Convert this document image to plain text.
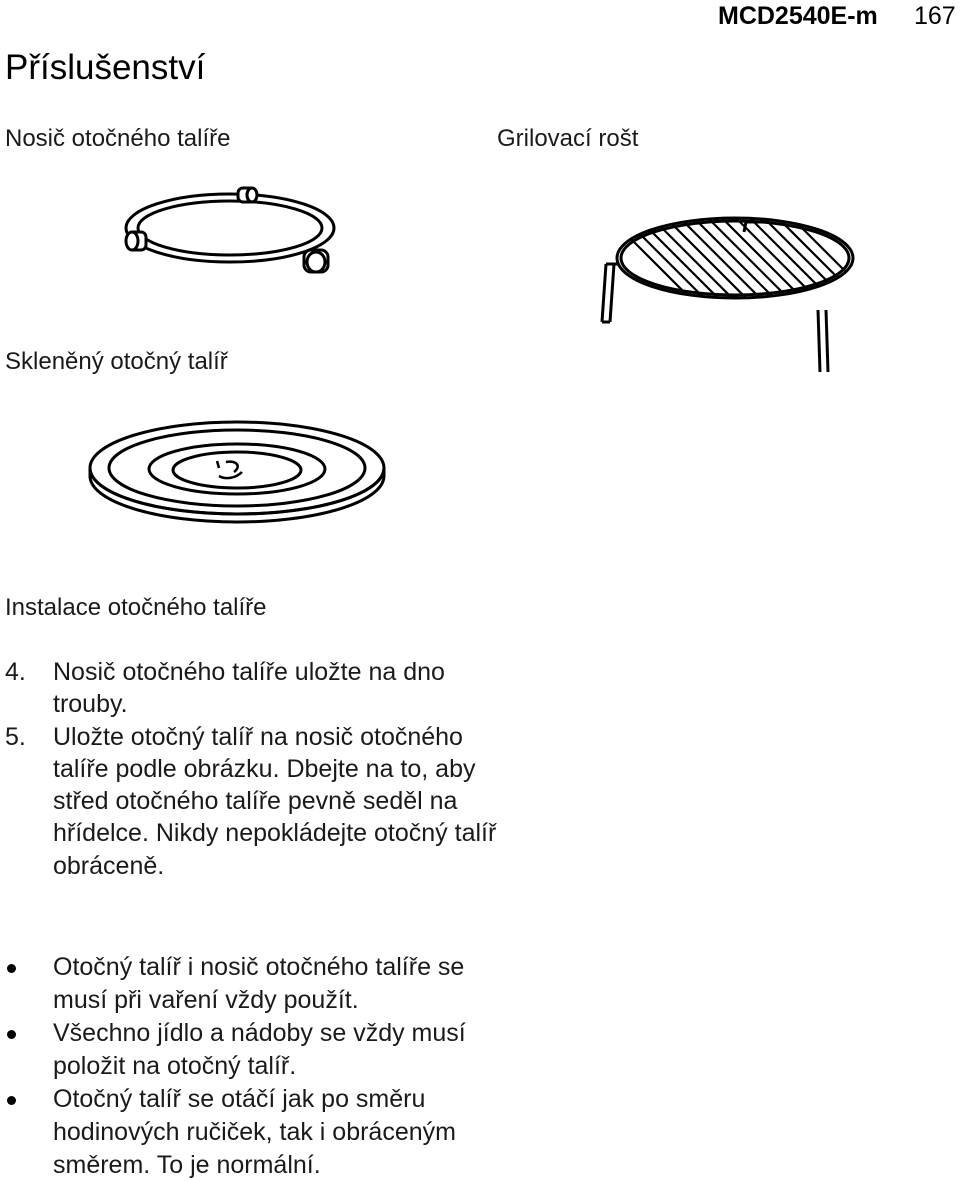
MCD2540E-m 167
Příslušenství
Nosič otočného talíře	Grilovací rošt
Skleněný otočný talíř
Instalace otočného talíře
4. Nosič otočného talíře uložte na dno trouby.
5. Uložte otočný talíř na nosič otočného talíře podle obrázku. Dbejte na to, aby střed otočného talíře pevně seděl na hřídelce. Nikdy nepokládejte otočný talíř obráceně.
Otočný talíř i nosič otočného talíře se musí při vaření vždy použít.
Všechno jídlo a nádoby se vždy musí položit na otočný talíř.
Otočný talíř se otáčí jak po směru hodinových ručiček, tak i obráceným směrem. To je normální.
